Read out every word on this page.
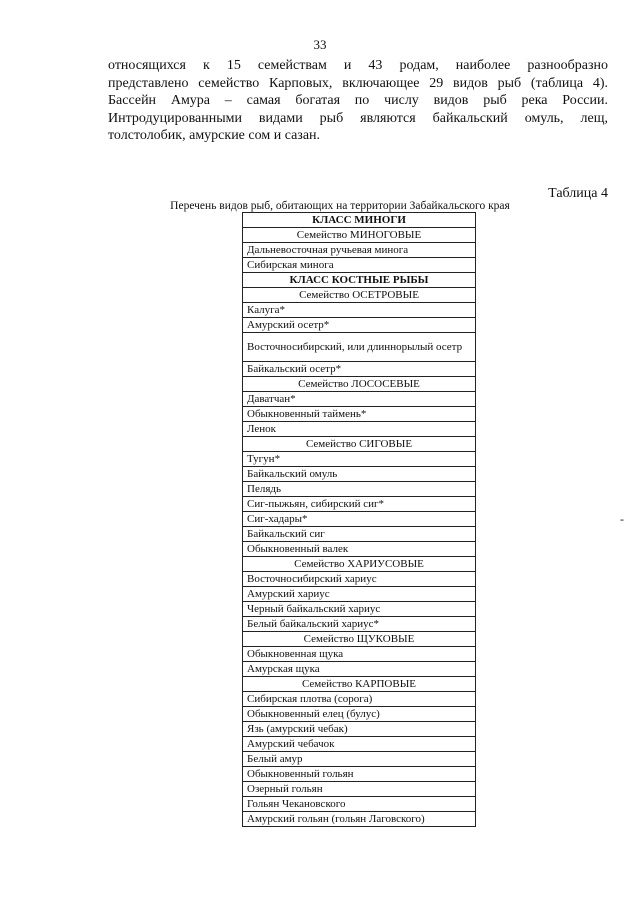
33
относящихся к 15 семействам и 43 родам, наиболее разнообразно
представлено семейство Карповых, включающее 29 видов рыб (таблица 4).
Бассейн Амура – самая богатая по числу видов рыб река России.
Интродуцированными видами рыб являются байкальский омуль, лещ,
толстолобик, амурские сом и сазан.
Таблица 4
Перечень видов рыб, обитающих на территории Забайкальского края
КЛАСС МИНОГИ
Семейство МИНОГОВЫЕ
Дальневосточная ручьевая минога
Сибирская минога
КЛАСС КОСТНЫЕ РЫБЫ
Семейство ОСЕТРОВЫЕ
Калуга*
Амурский осетр*
Восточносибирский, или длиннорылый осетр
Байкальский осетр*
Семейство ЛОСОСЕВЫЕ
Даватчан*
Обыкновенный таймень*
Ленок
Семейство СИГОВЫЕ
Тугун*
Байкальский омуль
Пелядь
Сиг-пыжьян, сибирский сиг*
Сиг-хадары*
Байкальский сиг
Обыкновенный валек
Семейство ХАРИУСОВЫЕ
Восточносибирский хариус
Амурский хариус
Черный байкальский хариус
Белый байкальский хариус*
Семейство ЩУКОВЫЕ
Обыкновенная щука
Амурская щука
Семейство КАРПОВЫЕ
Сибирская плотва (сорога)
Обыкновенный елец (булус)
Язь (амурский чебак)
Амурский чебачок
Белый амур
Обыкновенный гольян
Озерный гольян
Гольян Чекановского
Амурский гольян (гольян Лаговского)
-
